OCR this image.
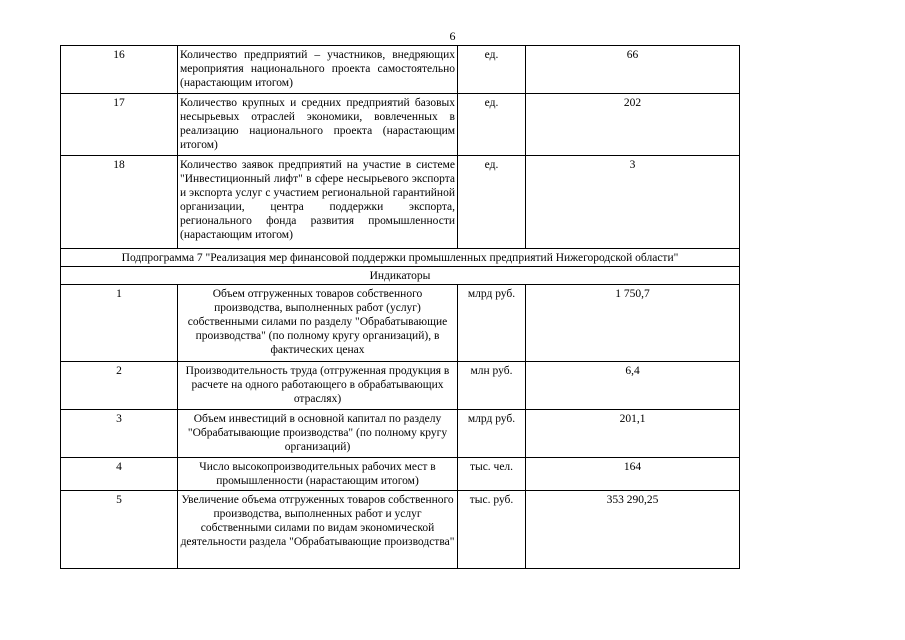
6
16	Количество предприятий – участников, внедряющих мероприятия национального проекта самостоятельно (нарастающим итогом)	ед.	66
17	Количество крупных и средних предприятий базовых несырьевых отраслей экономики, вовлеченных в реализацию национального проекта (нарастающим итогом)	ед.	202
18	Количество заявок предприятий на участие в системе "Инвестиционный лифт" в сфере несырьевого экспорта и экспорта услуг с участием региональной гарантийной организации, центра поддержки экспорта, регионального фонда развития промышленности (нарастающим итогом)	ед.	3
Подпрограмма 7 "Реализация мер финансовой поддержки промышленных предприятий Нижегородской области"			
Индикаторы			
1	Объем отгруженных товаров собственного производства, выполненных работ (услуг) собственными силами по разделу "Обрабатывающие производства" (по полному кругу организаций), в фактических ценах	млрд руб.	1 750,7
2	Производительность труда (отгруженная продукция в расчете на одного работающего в обрабатывающих отраслях)	млн руб.	6,4
3	Объем инвестиций в основной капитал по разделу "Обрабатывающие производства" (по полному кругу организаций)	млрд руб.	201,1
4	Число высокопроизводительных рабочих мест в промышленности (нарастающим итогом)	тыс. чел.	164
5	Увеличение объема отгруженных товаров собственного производства, выполненных работ и услуг собственными силами по видам экономической деятельности раздела "Обрабатывающие производства"	тыс. руб.	353 290,25
